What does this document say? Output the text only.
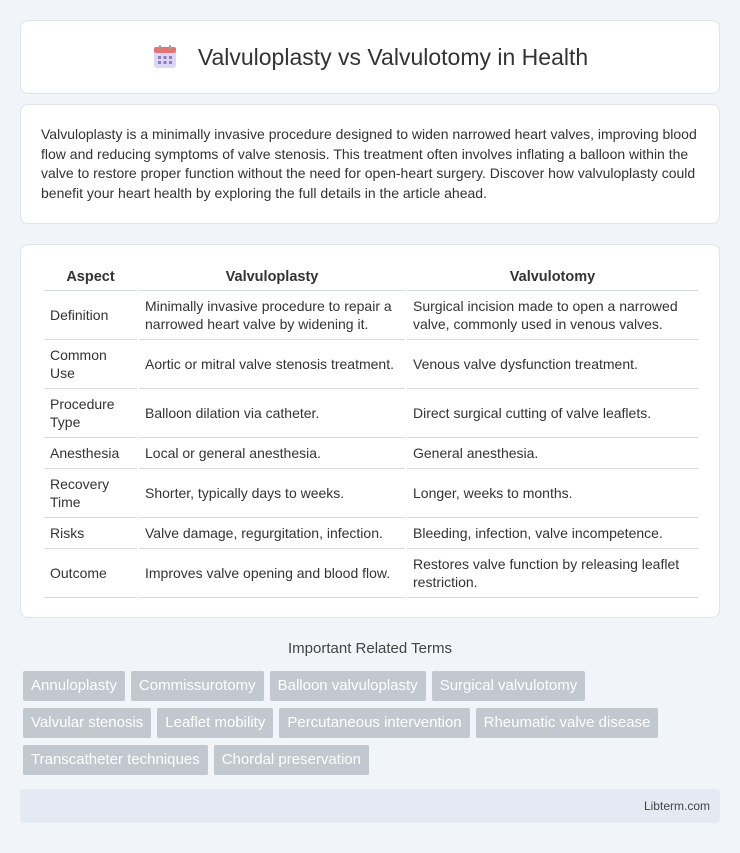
Valvuloplasty vs Valvulotomy in Health

Valvuloplasty is a minimally invasive procedure designed to widen narrowed heart valves, improving blood flow and reducing symptoms of valve stenosis. This treatment often involves inflating a balloon within the valve to restore proper function without the need for open-heart surgery. Discover how valvuloplasty could benefit your heart health by exploring the full details in the article ahead.

Aspect	Valvuloplasty	Valvulotomy
Definition	Minimally invasive procedure to repair a narrowed heart valve by widening it.	Surgical incision made to open a narrowed valve, commonly used in venous valves.
Common Use	Aortic or mitral valve stenosis treatment.	Venous valve dysfunction treatment.
Procedure Type	Balloon dilation via catheter.	Direct surgical cutting of valve leaflets.
Anesthesia	Local or general anesthesia.	General anesthesia.
Recovery Time	Shorter, typically days to weeks.	Longer, weeks to months.
Risks	Valve damage, regurgitation, infection.	Bleeding, infection, valve incompetence.
Outcome	Improves valve opening and blood flow.	Restores valve function by releasing leaflet restriction.
Important Related Terms
Annuloplasty	Commissurotomy	Balloon valvuloplasty	Surgical valvulotomy
Valvular stenosis	Leaflet mobility	Percutaneous intervention	Rheumatic valve disease
Transcatheter techniques	Chordal preservation
Libterm.com
